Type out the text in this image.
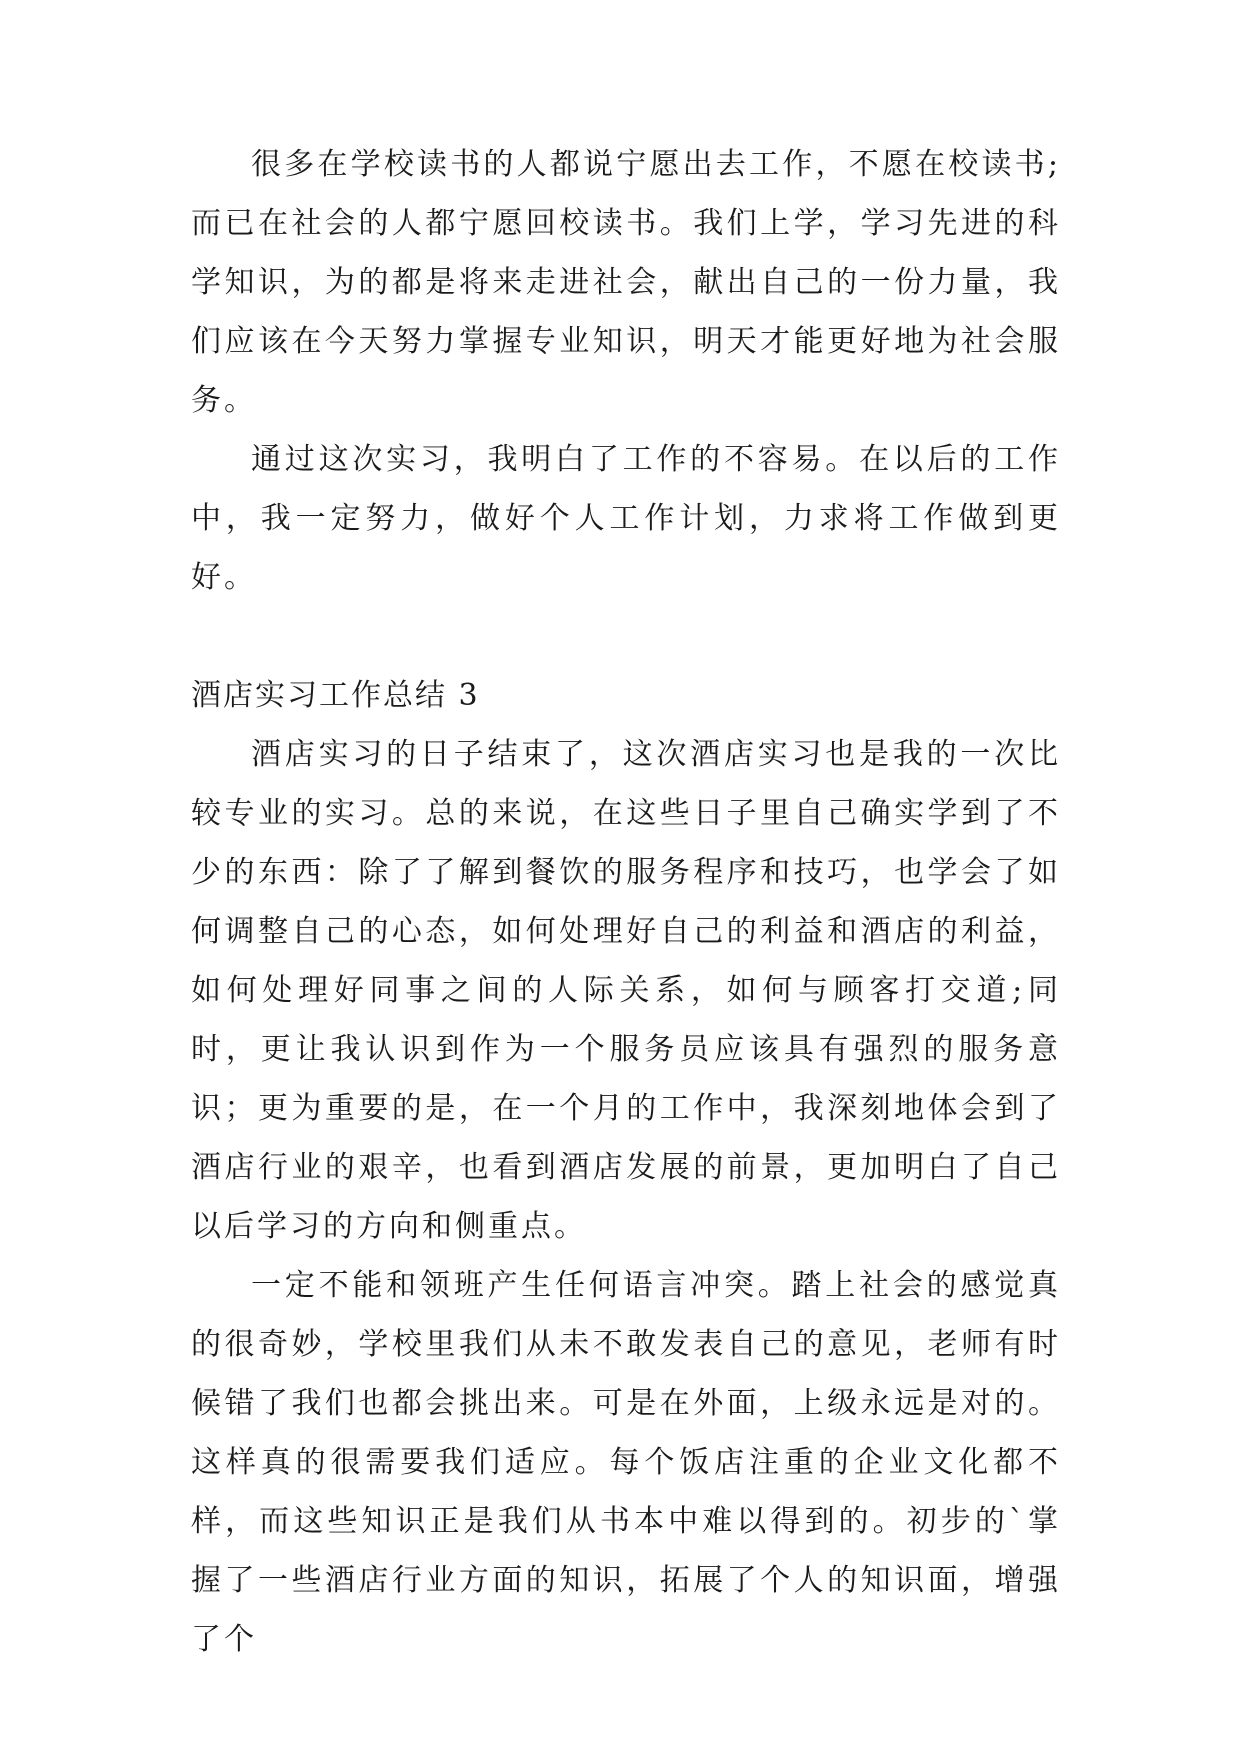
很多在学校读书的人都说宁愿出去工作，不愿在校读书;而已在社会的人都宁愿回校读书。我们上学，学习先进的科学知识，为的都是将来走进社会，献出自己的一份力量，我们应该在今天努力掌握专业知识，明天才能更好地为社会服务。

通过这次实习，我明白了工作的不容易。在以后的工作中，我一定努力，做好个人工作计划，力求将工作做到更好。

酒店实习工作总结 3

酒店实习的日子结束了，这次酒店实习也是我的一次比较专业的实习。总的来说，在这些日子里自己确实学到了不少的东西：除了了解到餐饮的服务程序和技巧，也学会了如何调整自己的心态，如何处理好自己的利益和酒店的利益，如何处理好同事之间的人际关系，如何与顾客打交道;同时，更让我认识到作为一个服务员应该具有强烈的服务意识；更为重要的是，在一个月的工作中，我深刻地体会到了酒店行业的艰辛，也看到酒店发展的前景，更加明白了自己以后学习的方向和侧重点。

一定不能和领班产生任何语言冲突。踏上社会的感觉真的很奇妙，学校里我们从未不敢发表自己的意见，老师有时候错了我们也都会挑出来。可是在外面，上级永远是对的。这样真的很需要我们适应。每个饭店注重的企业文化都不样，而这些知识正是我们从书本中难以得到的。初步的`掌握了一些酒店行业方面的知识，拓展了个人的知识面，增强了个
